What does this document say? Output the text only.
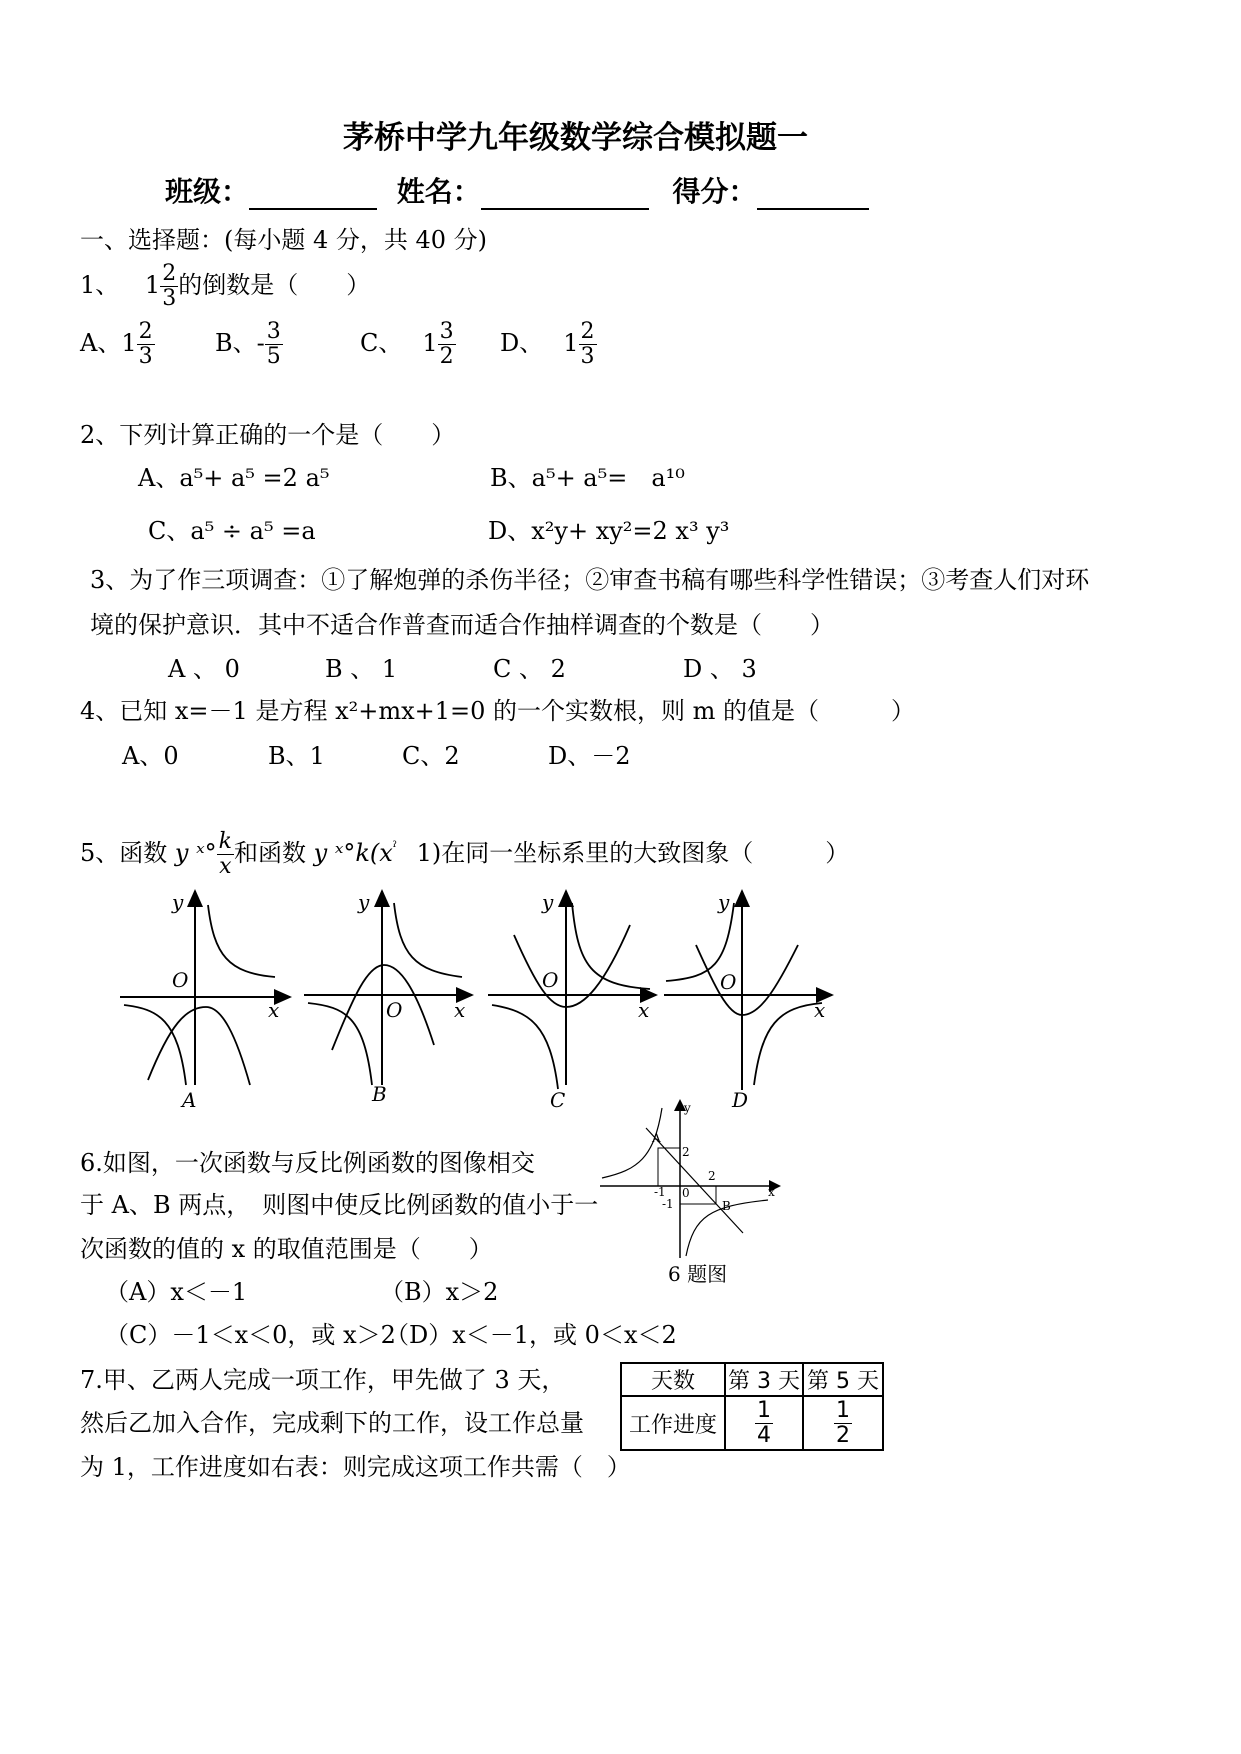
茅桥中学九年级数学综合模拟题一
班级：	姓名：	得分：
一、选择题：(每小题 4 分，共 40 分)
1、 $1 \frac{2}{3}$ 的倒数是（　　）
A、$1 \frac{2}{3}$	B、- $\frac{3}{5}$	C、 $1 \frac{3}{2}$ D、 $1 \frac{2}{3}$
2、下列计算正确的一个是（　　）
A、a⁵+ a⁵ =2 a⁵	B、a⁵+ a⁵=　a¹⁰
C、a⁵ ÷ a⁵ =a	D、x²y+ xy²=2 x³ y³
3、为了作三项调查：①了解炮弹的杀伤半径；②审查书稿有哪些科学性错误；③考查人们对环
境的保护意识．其中不适合作普查而适合作抽样调查的个数是（　　）
A 、 0	B 、 1	C 、 2	D 、 3
4、已知 x=－1 是方程 x²+mx+1=0 的一个实数根，则 m 的值是（　　　）
A、0	B、1	C、2	D、－2
5、函数 y ˣ° $\frac{k}{x}$ 和函数 y $ˣ^\circ k(x^ˀ$ 1)在同一坐标系里的大致图象（　　　）
y
O
x
A
y
O	x
B
y
O
x
C
y
O
x
D
6.如图，一次函数与反比例函数的图像相交
于 A、B 两点，　则图中使反比例函数的值小于一
次函数的值的 x 的取值范围是（　　）
（A）x＜－1	（B）x＞2
（C）－1＜x＜0，或 x＞2
（D）x＜－1，或 0＜x＜2
y
x
A
B
2
-1 0
2
-1
6 题图
7.甲、乙两人完成一项工作，甲先做了 3 天，
然后乙加入合作，完成剩下的工作，设工作总量
为 1，工作进度如右表：则完成这项工作共需（　）
天数	第 3 天	第 5 天
工作进度	$\frac{1}{4}$	$\frac{1}{2}$
